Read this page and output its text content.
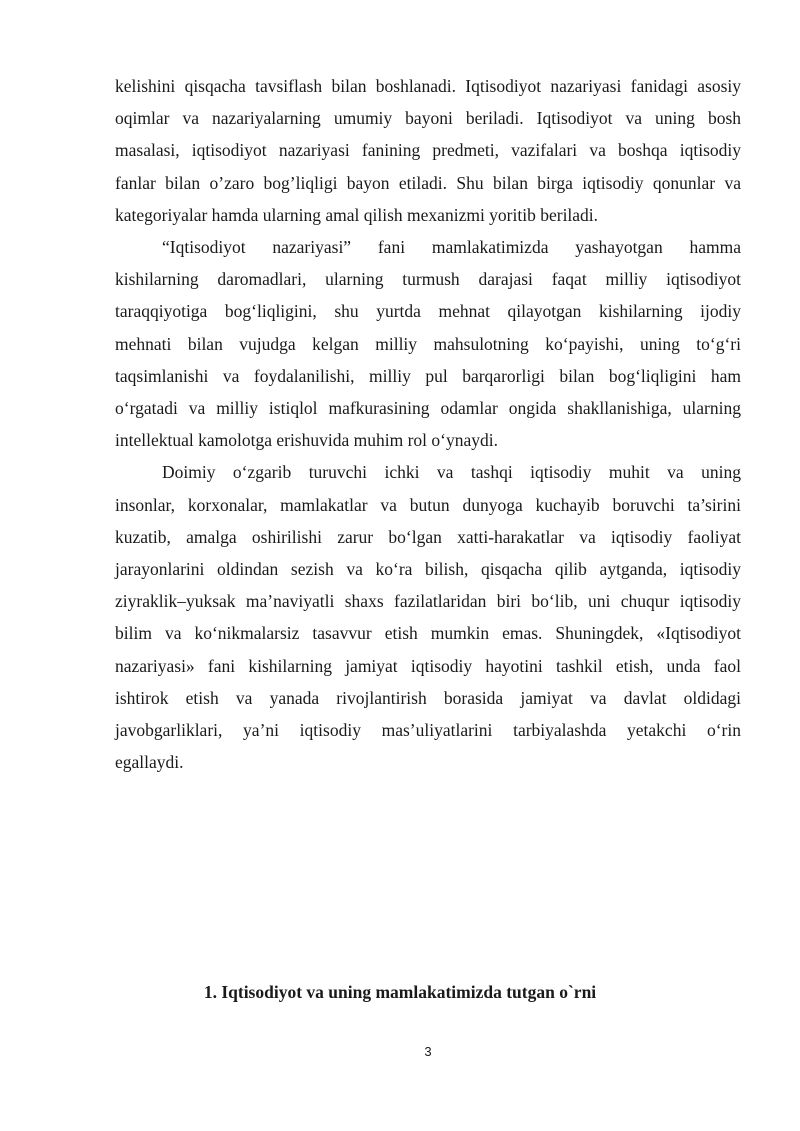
kelishini qisqacha tavsiflash bilan boshlanadi. Iqtisodiyot nazariyasi fanidagi asosiy
oqimlar va nazariyalarning umumiy bayoni beriladi. Iqtisodiyot va uning bosh
masalasi, iqtisodiyot nazariyasi fanining predmeti, vazifalari va boshqa iqtisodiy
fanlar bilan o’zaro bog’liqligi bayon etiladi. Shu bilan birga iqtisodiy qonunlar va
kategoriyalar hamda ularning amal qilish mexanizmi yoritib beriladi.
“Iqtisodiyot nazariyasi” fani mamlakatimizda yashayotgan hamma
kishilarning daromadlari, ularning turmush darajasi faqat milliy iqtisodiyot
taraqqiyotiga bog‘liqligini, shu yurtda mehnat qilayotgan kishilarning ijodiy
mehnati bilan vujudga kelgan milliy mahsulotning ko‘payishi, uning to‘g‘ri
taqsimlanishi va foydalanilishi, milliy pul barqarorligi bilan bog‘liqligini ham
o‘rgatadi va milliy istiqlol mafkurasining odamlar ongida shakllanishiga, ularning
intellektual kamolotga erishuvida muhim rol o‘ynaydi.
Doimiy o‘zgarib turuvchi ichki va tashqi iqtisodiy muhit va uning
insonlar, korxonalar, mamlakatlar va butun dunyoga kuchayib boruvchi ta’sirini
kuzatib, amalga oshirilishi zarur bo‘lgan xatti-harakatlar va iqtisodiy faoliyat
jarayonlarini oldindan sezish va ko‘ra bilish, qisqacha qilib aytganda, iqtisodiy
ziyraklik–yuksak ma’naviyatli shaxs fazilatlaridan biri bo‘lib, uni chuqur iqtisodiy
bilim va ko‘nikmalarsiz tasavvur etish mumkin emas. Shuningdek, «Iqtisodiyot
nazariyasi» fani kishilarning jamiyat iqtisodiy hayotini tashkil etish, unda faol
ishtirok etish va yanada rivojlantirish borasida jamiyat va davlat oldidagi
javobgarliklari, ya’ni iqtisodiy mas’uliyatlarini tarbiyalashda yetakchi o‘rin
egallaydi.
1. Iqtisodiyot va uning mamlakatimizda tutgan o`rni
3
